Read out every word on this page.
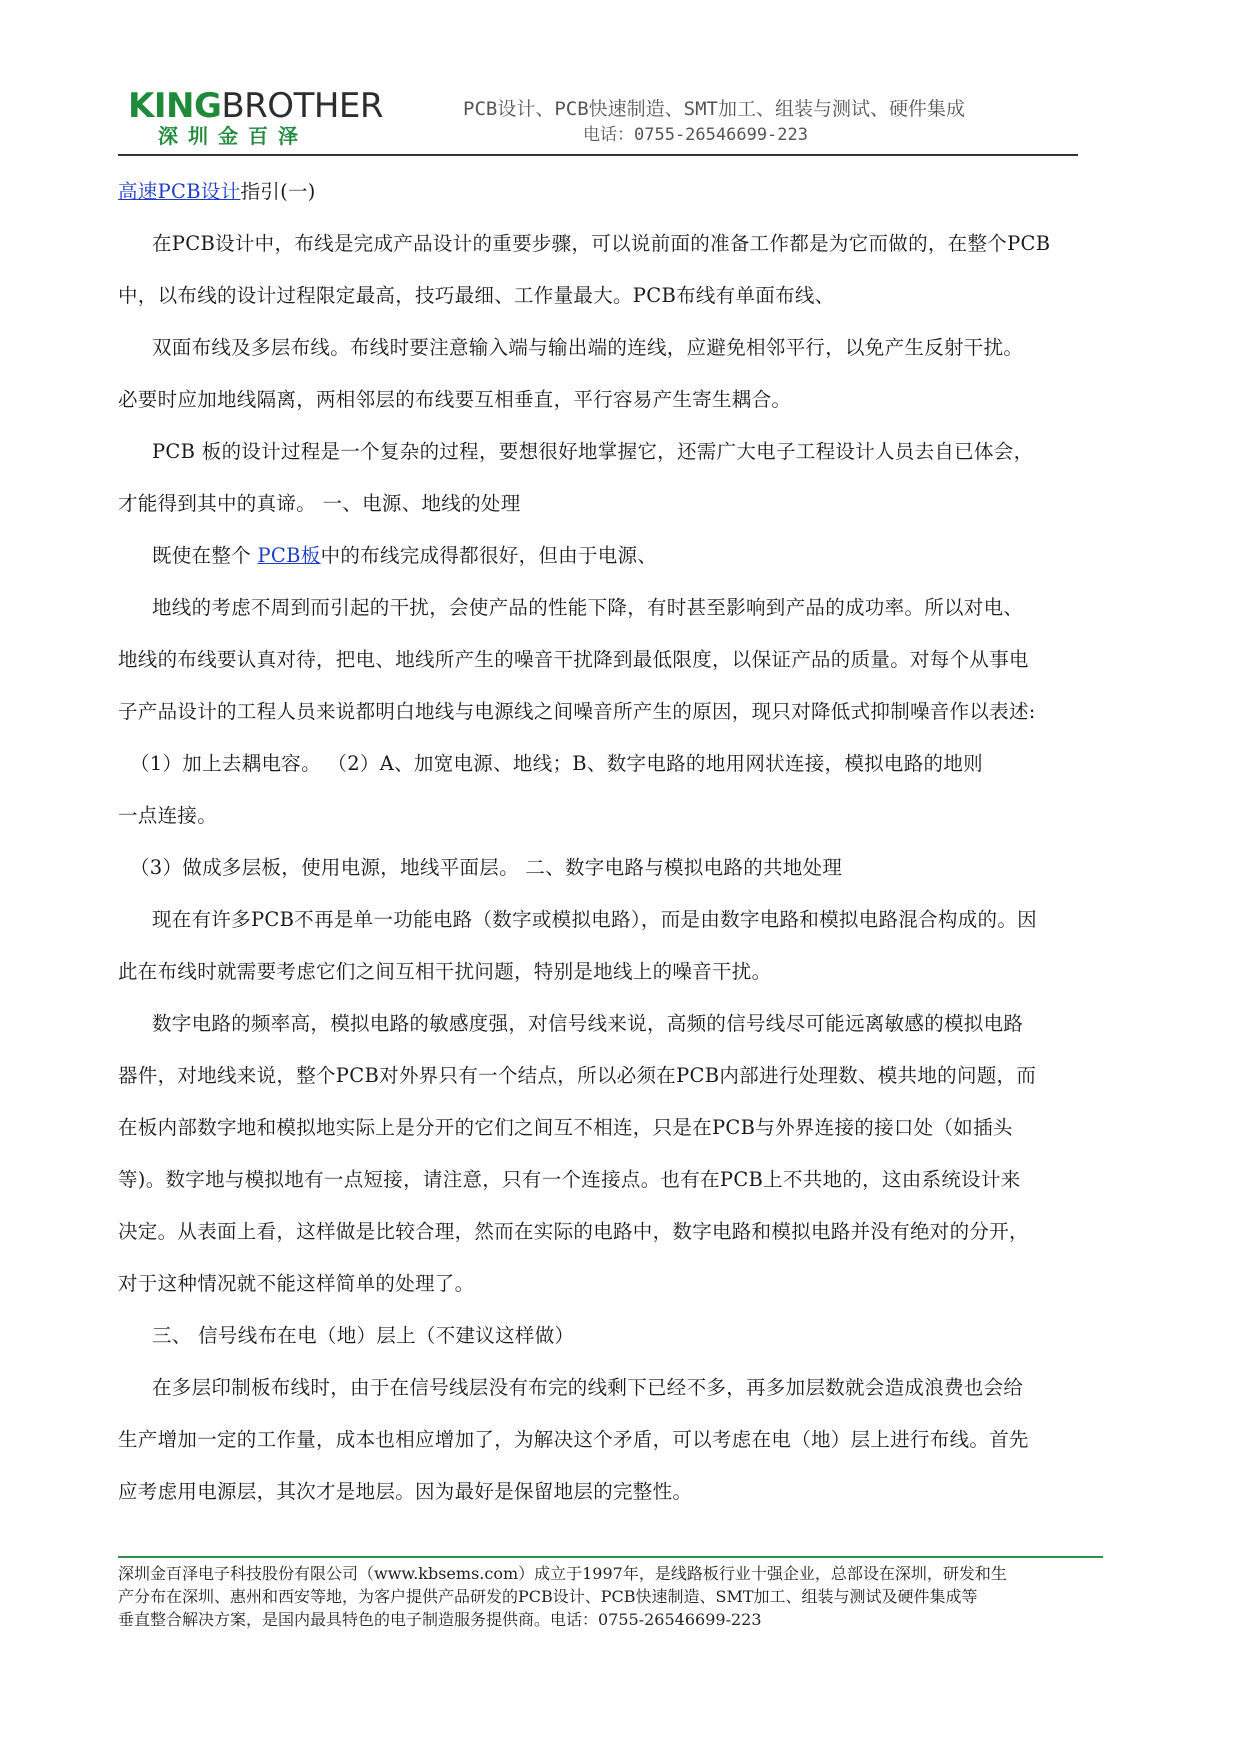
KINGBROTHER
深圳金百泽
PCB设计、PCB快速制造、SMT加工、组装与测试、硬件集成
电话：0755-26546699-223

高速PCB设计指引(一)

在PCB设计中，布线是完成产品设计的重要步骤，可以说前面的准备工作都是为它而做的，在整个PCB

中，以布线的设计过程限定最高，技巧最细、工作量最大。PCB布线有单面布线、

双面布线及多层布线。布线时要注意输入端与输出端的连线，应避免相邻平行，以免产生反射干扰。

必要时应加地线隔离，两相邻层的布线要互相垂直，平行容易产生寄生耦合。

PCB 板的设计过程是一个复杂的过程，要想很好地掌握它，还需广大电子工程设计人员去自已体会，

才能得到其中的真谛。 一、电源、地线的处理

既使在整个 PCB板中的布线完成得都很好，但由于电源、

地线的考虑不周到而引起的干扰，会使产品的性能下降，有时甚至影响到产品的成功率。所以对电、

地线的布线要认真对待，把电、地线所产生的噪音干扰降到最低限度，以保证产品的质量。对每个从事电

子产品设计的工程人员来说都明白地线与电源线之间噪音所产生的原因，现只对降低式抑制噪音作以表述:

（1）加上去耦电容。 （2）A、加宽电源、地线；B、数字电路的地用网状连接，模拟电路的地则

一点连接。

（3）做成多层板，使用电源，地线平面层。 二、数字电路与模拟电路的共地处理

现在有许多PCB不再是单一功能电路（数字或模拟电路），而是由数字电路和模拟电路混合构成的。因

此在布线时就需要考虑它们之间互相干扰问题，特别是地线上的噪音干扰。

数字电路的频率高，模拟电路的敏感度强，对信号线来说，高频的信号线尽可能远离敏感的模拟电路

器件，对地线来说，整个PCB对外界只有一个结点，所以必须在PCB内部进行处理数、模共地的问题，而

在板内部数字地和模拟地实际上是分开的它们之间互不相连，只是在PCB与外界连接的接口处（如插头

等)。数字地与模拟地有一点短接，请注意，只有一个连接点。也有在PCB上不共地的，这由系统设计来

决定。从表面上看，这样做是比较合理，然而在实际的电路中，数字电路和模拟电路并没有绝对的分开，

对于这种情况就不能这样简单的处理了。

三、 信号线布在电（地）层上（不建议这样做）

在多层印制板布线时，由于在信号线层没有布完的线剩下已经不多，再多加层数就会造成浪费也会给

生产增加一定的工作量，成本也相应增加了，为解决这个矛盾，可以考虑在电（地）层上进行布线。首先

应考虑用电源层，其次才是地层。因为最好是保留地层的完整性。

深圳金百泽电子科技股份有限公司（www.kbsems.com）成立于1997年，是线路板行业十强企业，总部设在深圳，研发和生
产分布在深圳、惠州和西安等地，为客户提供产品研发的PCB设计、PCB快速制造、SMT加工、组装与测试及硬件集成等
垂直整合解决方案，是国内最具特色的电子制造服务提供商。电话：0755-26546699-223
